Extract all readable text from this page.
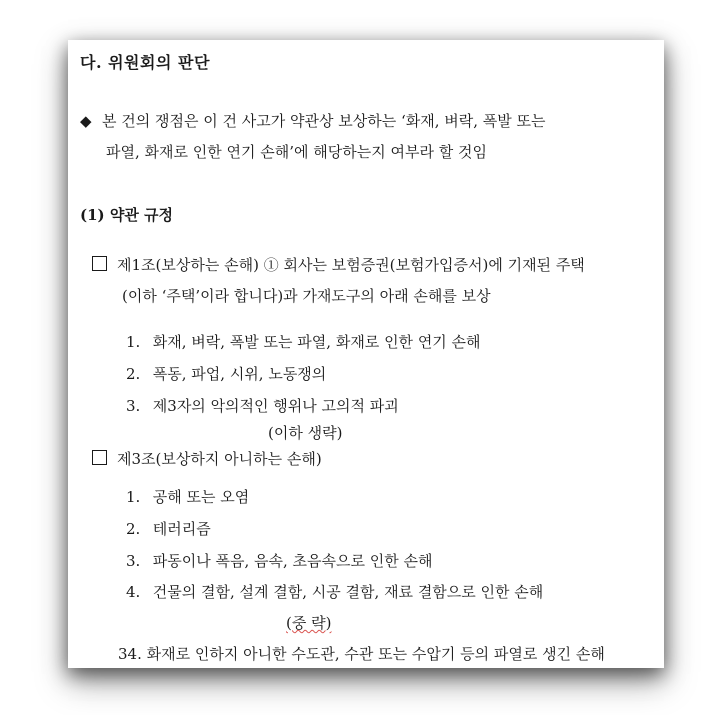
다. 위원회의 판단
◆ 본 건의 쟁점은 이 건 사고가 약관상 보상하는 ‘화재, 벼락, 폭발 또는
파열, 화재로 인한 연기 손해’에 해당하는지 여부라 할 것임
(1) 약관 규정
제1조(보상하는 손해) ① 회사는 보험증권(보험가입증서)에 기재된 주택
(이하 ‘주택’이라 합니다)과 가재도구의 아래 손해를 보상
1. 화재, 벼락, 폭발 또는 파열, 화재로 인한 연기 손해
2. 폭동, 파업, 시위, 노동쟁의
3. 제3자의 악의적인 행위나 고의적 파괴
(이하 생략)
제3조(보상하지 아니하는 손해)
1. 공해 또는 오염
2. 테러리즘
3. 파동이나 폭음, 음속, 초음속으로 인한 손해
4. 건물의 결함, 설계 결함, 시공 결함, 재료 결함으로 인한 손해
(중 략)
34. 화재로 인하지 아니한 수도관, 수관 또는 수압기 등의 파열로 생긴 손해
